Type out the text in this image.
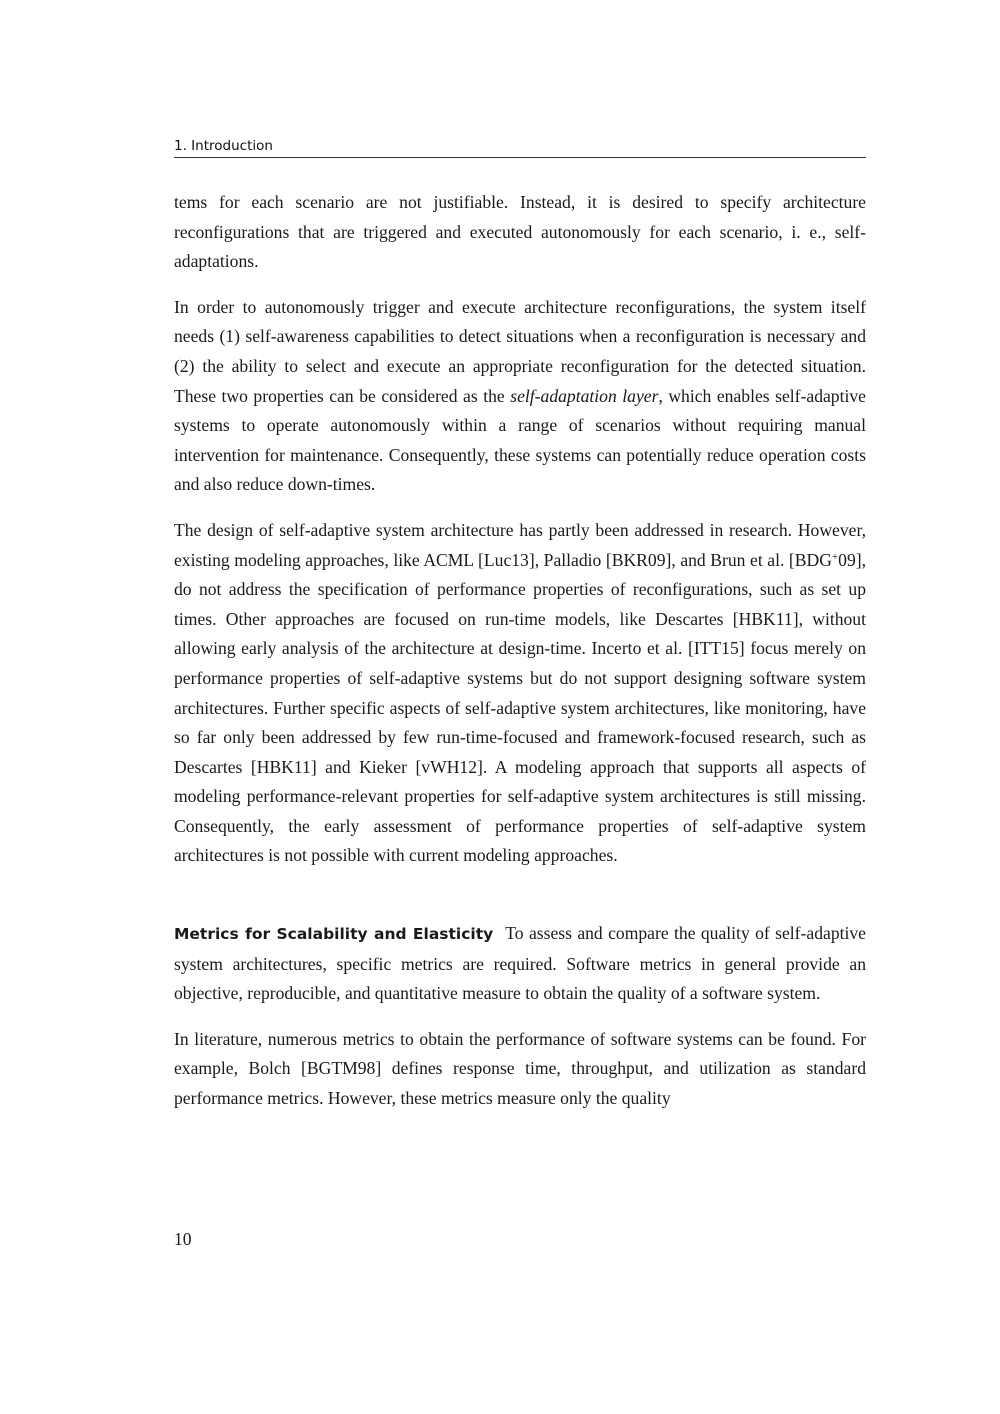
1. Introduction

tems for each scenario are not justifiable. Instead, it is desired to specify architecture reconfigurations that are triggered and executed autonomously for each scenario, i. e., self-adaptations.

In order to autonomously trigger and execute architecture reconfigurations, the system itself needs (1) self-awareness capabilities to detect situations when a reconfiguration is necessary and (2) the ability to select and execute an appropriate reconfiguration for the detected situation. These two properties can be considered as the self-adaptation layer, which enables self-adaptive systems to operate autonomously within a range of scenarios without requiring manual intervention for maintenance. Consequently, these systems can potentially reduce operation costs and also reduce down-times.

The design of self-adaptive system architecture has partly been addressed in research. However, existing modeling approaches, like ACML [Luc13], Palladio [BKR09], and Brun et al. [BDG+09], do not address the specification of performance properties of reconfigurations, such as set up times. Other approaches are focused on run-time models, like Descartes [HBK11], without allowing early analysis of the architecture at design-time. Incerto et al. [ITT15] focus merely on performance properties of self-adaptive systems but do not support designing software system architectures. Further specific aspects of self-adaptive system architectures, like monitoring, have so far only been addressed by few run-time-focused and framework-focused research, such as Descartes [HBK11] and Kieker [vWH12]. A modeling approach that supports all aspects of modeling performance-relevant properties for self-adaptive system architectures is still missing. Consequently, the early assessment of performance properties of self-adaptive system architectures is not possible with current modeling approaches.

Metrics for Scalability and Elasticity To assess and compare the quality of self-adaptive system architectures, specific metrics are required. Software metrics in general provide an objective, reproducible, and quantitative measure to obtain the quality of a software system.

In literature, numerous metrics to obtain the performance of software systems can be found. For example, Bolch [BGTM98] defines response time, throughput, and utilization as standard performance metrics. However, these metrics measure only the quality

10
